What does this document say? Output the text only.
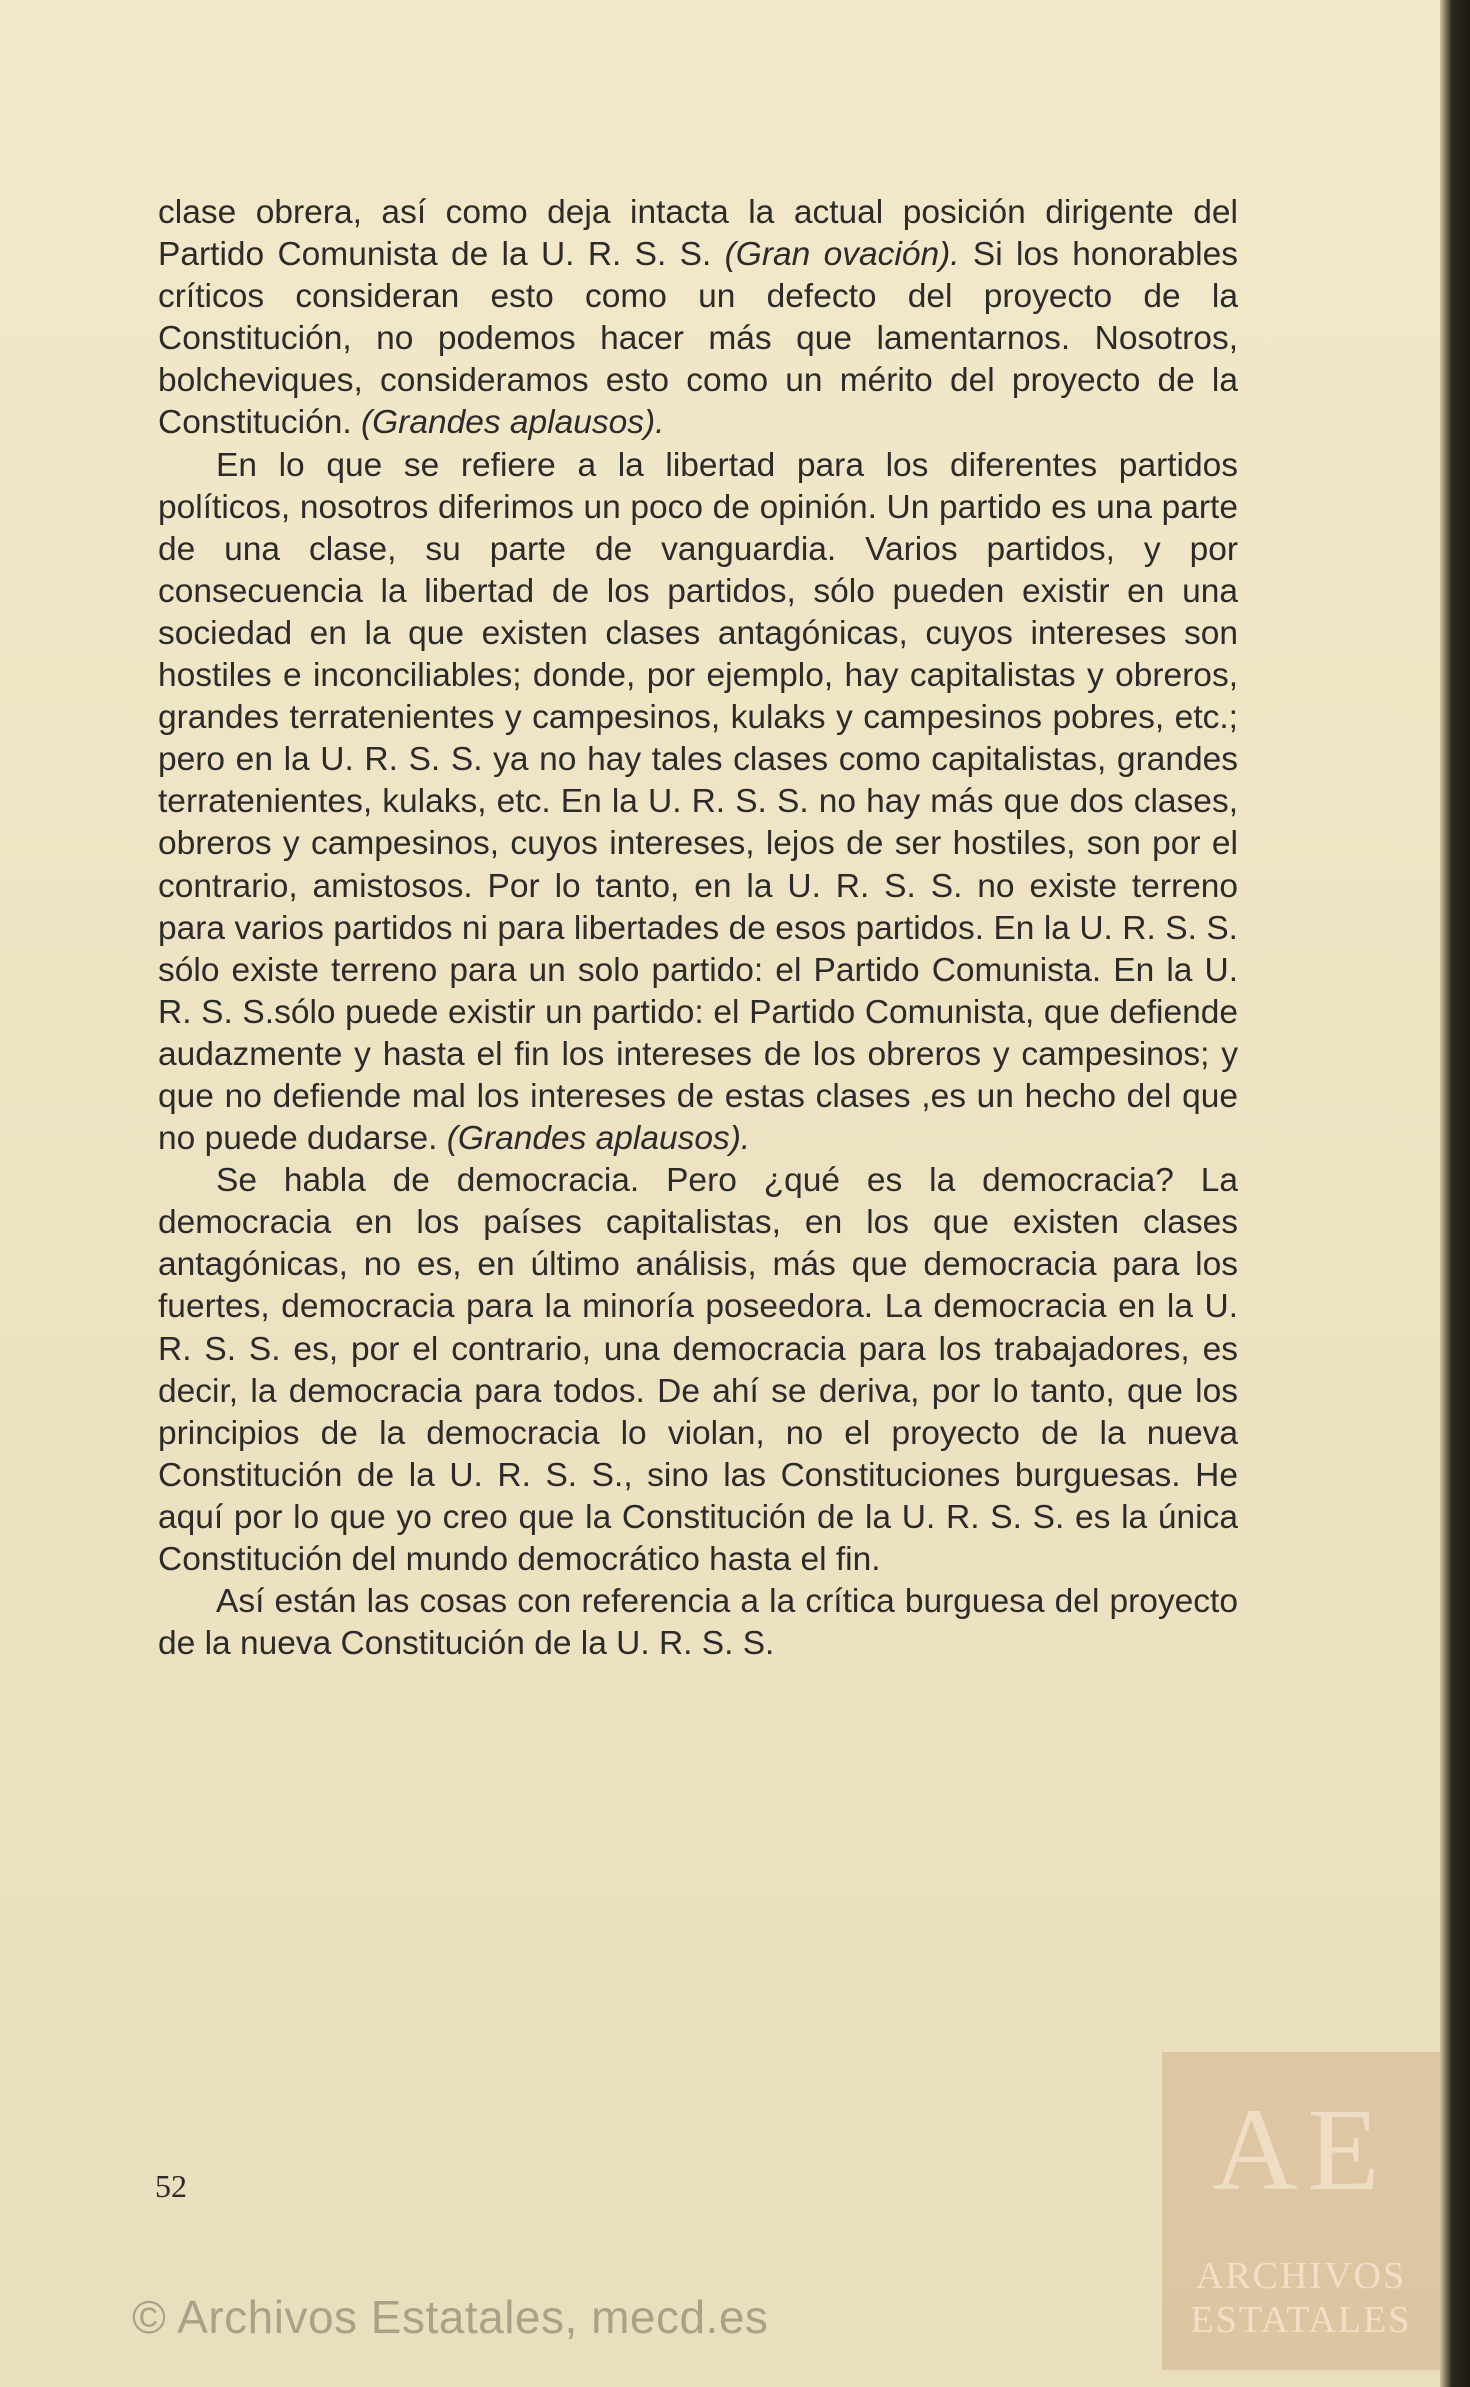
clase obrera, así como deja intacta la actual posición dirigente del Partido Comunista de la U. R. S. S. (Gran ovación). Si los honorables críticos consideran esto como un defecto del proyecto de la Constitución, no podemos hacer más que lamentarnos. Nosotros, bolcheviques, consideramos esto como un mérito del proyecto de la Constitución. (Grandes aplausos).

En lo que se refiere a la libertad para los diferentes partidos políticos, nosotros diferimos un poco de opinión. Un partido es una parte de una clase, su parte de vanguardia. Varios partidos, y por consecuencia la libertad de los partidos, sólo pueden existir en una sociedad en la que existen clases antagónicas, cuyos intereses son hostiles e inconciliables; donde, por ejemplo, hay capitalistas y obreros, grandes terratenientes y campesinos, kulaks y campesinos pobres, etc.; pero en la U. R. S. S. ya no hay tales clases como capitalistas, grandes terratenientes, kulaks, etc. En la U. R. S. S. no hay más que dos clases, obreros y campesinos, cuyos intereses, lejos de ser hostiles, son por el contrario, amistosos. Por lo tanto, en la U. R. S. S. no existe terreno para varios partidos ni para libertades de esos partidos. En la U. R. S. S. sólo existe terreno para un solo partido: el Partido Comunista. En la U. R. S. S.sólo puede existir un partido: el Partido Comunista, que defiende audazmente y hasta el fin los intereses de los obreros y campesinos; y que no defiende mal los intereses de estas clases ,es un hecho del que no puede dudarse. (Grandes aplausos).

Se habla de democracia. Pero ¿qué es la democracia? La democracia en los países capitalistas, en los que existen clases antagónicas, no es, en último análisis, más que democracia para los fuertes, democracia para la minoría poseedora. La democracia en la U. R. S. S. es, por el contrario, una democracia para los trabajadores, es decir, la democracia para todos. De ahí se deriva, por lo tanto, que los principios de la democracia lo violan, no el proyecto de la nueva Constitución de la U. R. S. S., sino las Constituciones burguesas. He aquí por lo que yo creo que la Constitución de la U. R. S. S. es la única Constitución del mundo democrático hasta el fin.

Así están las cosas con referencia a la crítica burguesa del proyecto de la nueva Constitución de la U. R. S. S.

52
© Archivos Estatales, mecd.es
AE
ARCHIVOS
ESTATALES
